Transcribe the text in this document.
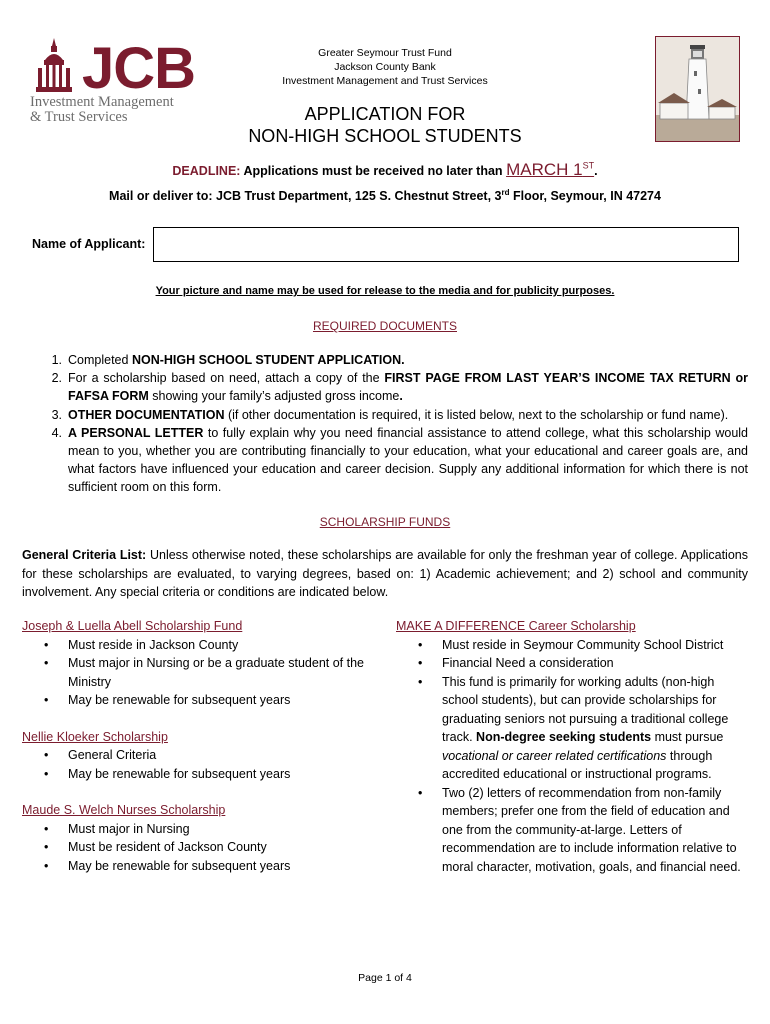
JCB
Investment Management
& Trust Services
Greater Seymour Trust Fund
Jackson County Bank
Investment Management and Trust Services
APPLICATION FOR
NON-HIGH SCHOOL STUDENTS
DEADLINE: Applications must be received no later than MARCH 1ST.
Mail or deliver to: JCB Trust Department, 125 S. Chestnut Street, 3rd Floor, Seymour, IN 47274
Name of Applicant:
Your picture and name may be used for release to the media and for publicity purposes.
REQUIRED DOCUMENTS
1. Completed NON-HIGH SCHOOL STUDENT APPLICATION.
2. For a scholarship based on need, attach a copy of the FIRST PAGE FROM LAST YEAR’S INCOME TAX RETURN or FAFSA FORM showing your family’s adjusted gross income.
3. OTHER DOCUMENTATION (if other documentation is required, it is listed below, next to the scholarship or fund name).
4. A PERSONAL LETTER to fully explain why you need financial assistance to attend college, what this scholarship would mean to you, whether you are contributing financially to your education, what your educational and career goals are, and what factors have influenced your education and career decision. Supply any additional information for which there is not sufficient room on this form.
SCHOLARSHIP FUNDS
General Criteria List: Unless otherwise noted, these scholarships are available for only the freshman year of college. Applications for these scholarships are evaluated, to varying degrees, based on: 1) Academic achievement; and 2) school and community involvement. Any special criteria or conditions are indicated below.
Joseph & Luella Abell Scholarship Fund
• Must reside in Jackson County
• Must major in Nursing or be a graduate student of the Ministry
• May be renewable for subsequent years
Nellie Kloeker Scholarship
• General Criteria
• May be renewable for subsequent years
Maude S. Welch Nurses Scholarship
• Must major in Nursing
• Must be resident of Jackson County
• May be renewable for subsequent years
MAKE A DIFFERENCE Career Scholarship
• Must reside in Seymour Community School District
• Financial Need a consideration
• This fund is primarily for working adults (non-high school students), but can provide scholarships for graduating seniors not pursuing a traditional college track. Non-degree seeking students must pursue vocational or career related certifications through accredited educational or instructional programs.
• Two (2) letters of recommendation from non-family members; prefer one from the field of education and one from the community-at-large. Letters of recommendation are to include information relative to moral character, motivation, goals, and financial need.
Page 1 of 4
